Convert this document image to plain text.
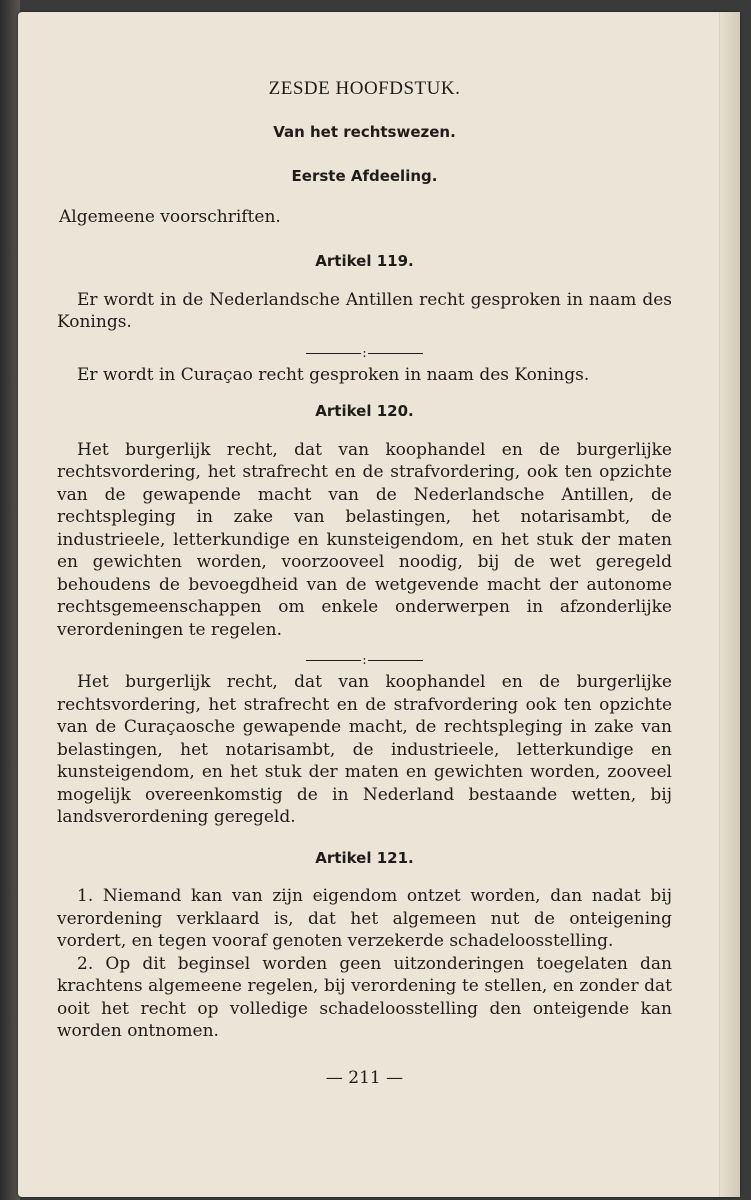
ZESDE HOOFDSTUK.
Van het rechtswezen.
Eerste Afdeeling.
Algemeene voorschriften.
Artikel 119.

Er wordt in de Nederlandsche Antillen recht gesproken in naam des Konings.

:

Er wordt in Curaçao recht gesproken in naam des Konings.

Artikel 120.

Het burgerlijk recht, dat van koophandel en de burgerlijke rechtsvordering, het strafrecht en de strafvordering, ook ten opzichte van de gewapende macht van de Nederlandsche Antillen, de rechtspleging in zake van belastingen, het notarisambt, de industrieele, letterkundige en kunsteigendom, en het stuk der maten en gewichten worden, voorzooveel noodig, bij de wet geregeld behoudens de bevoegdheid van de wetgevende macht der autonome rechtsgemeenschappen om enkele onderwerpen in afzonderlijke verordeningen te regelen.

:

Het burgerlijk recht, dat van koophandel en de burgerlijke rechtsvordering, het strafrecht en de strafvordering ook ten opzichte van de Curaçaosche gewapende macht, de rechtspleging in zake van belastingen, het notarisambt, de industrieele, letterkundige en kunsteigendom, en het stuk der maten en gewichten worden, zooveel mogelijk overeenkomstig de in Nederland bestaande wetten, bij landsverordening geregeld.

Artikel 121.

1. Niemand kan van zijn eigendom ontzet worden, dan nadat bij verordening verklaard is, dat het algemeen nut de onteigening vordert, en tegen vooraf genoten verzekerde schadeloosstelling.

2. Op dit beginsel worden geen uitzonderingen toegelaten dan krachtens algemeene regelen, bij verordening te stellen, en zonder dat ooit het recht op volledige schadeloosstelling den onteigende kan worden ontnomen.

— 211 —
